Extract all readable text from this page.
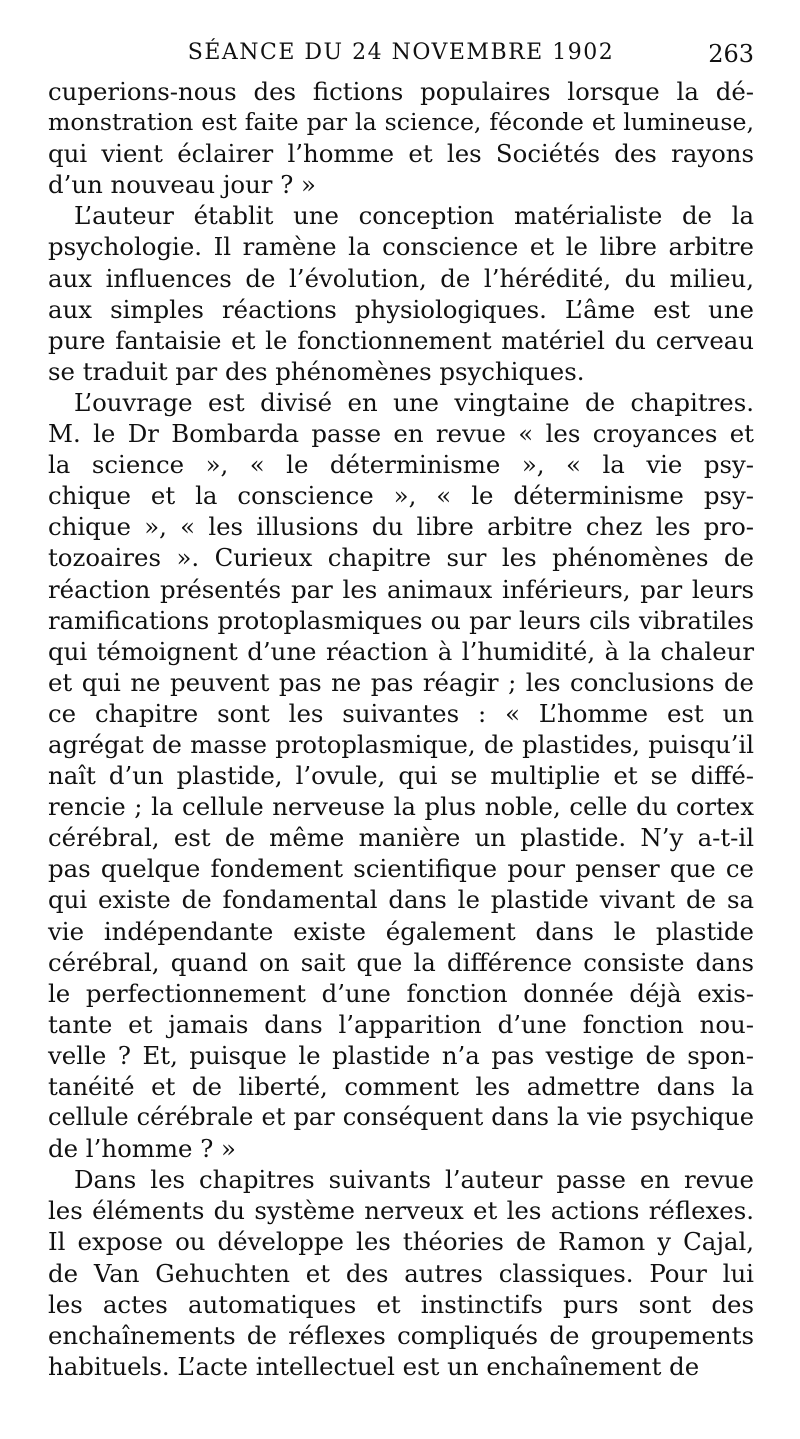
SÉANCE DU 24 NOVEMBRE 1902	263
cuperions-nous des fictions populaires lorsque la dé-
monstration est faite par la science, féconde et lumineuse,
qui vient éclairer l’homme et les Sociétés des rayons
d’un nouveau jour ? »
L’auteur établit une conception matérialiste de la
psychologie. Il ramène la conscience et le libre arbitre
aux influences de l’évolution, de l’hérédité, du milieu,
aux simples réactions physiologiques. L’âme est une
pure fantaisie et le fonctionnement matériel du cerveau
se traduit par des phénomènes psychiques.
L’ouvrage est divisé en une vingtaine de chapitres.
M. le Dr Bombarda passe en revue « les croyances et
la science », « le déterminisme », « la vie psy-
chique et la conscience », « le déterminisme psy-
chique », « les illusions du libre arbitre chez les pro-
tozoaires ». Curieux chapitre sur les phénomènes de
réaction présentés par les animaux inférieurs, par leurs
ramifications protoplasmiques ou par leurs cils vibratiles
qui témoignent d’une réaction à l’humidité, à la chaleur
et qui ne peuvent pas ne pas réagir ; les conclusions de
ce chapitre sont les suivantes : « L’homme est un
agrégat de masse protoplasmique, de plastides, puisqu’il
naît d’un plastide, l’ovule, qui se multiplie et se diffé-
rencie ; la cellule nerveuse la plus noble, celle du cortex
cérébral, est de même manière un plastide. N’y a-t-il
pas quelque fondement scientifique pour penser que ce
qui existe de fondamental dans le plastide vivant de sa
vie indépendante existe également dans le plastide
cérébral, quand on sait que la différence consiste dans
le perfectionnement d’une fonction donnée déjà exis-
tante et jamais dans l’apparition d’une fonction nou-
velle ? Et, puisque le plastide n’a pas vestige de spon-
tanéité et de liberté, comment les admettre dans la
cellule cérébrale et par conséquent dans la vie psychique
de l’homme ? »
Dans les chapitres suivants l’auteur passe en revue
les éléments du système nerveux et les actions réflexes.
Il expose ou développe les théories de Ramon y Cajal,
de Van Gehuchten et des autres classiques. Pour lui
les actes automatiques et instinctifs purs sont des
enchaînements de réflexes compliqués de groupements
habituels. L’acte intellectuel est un enchaînement de
